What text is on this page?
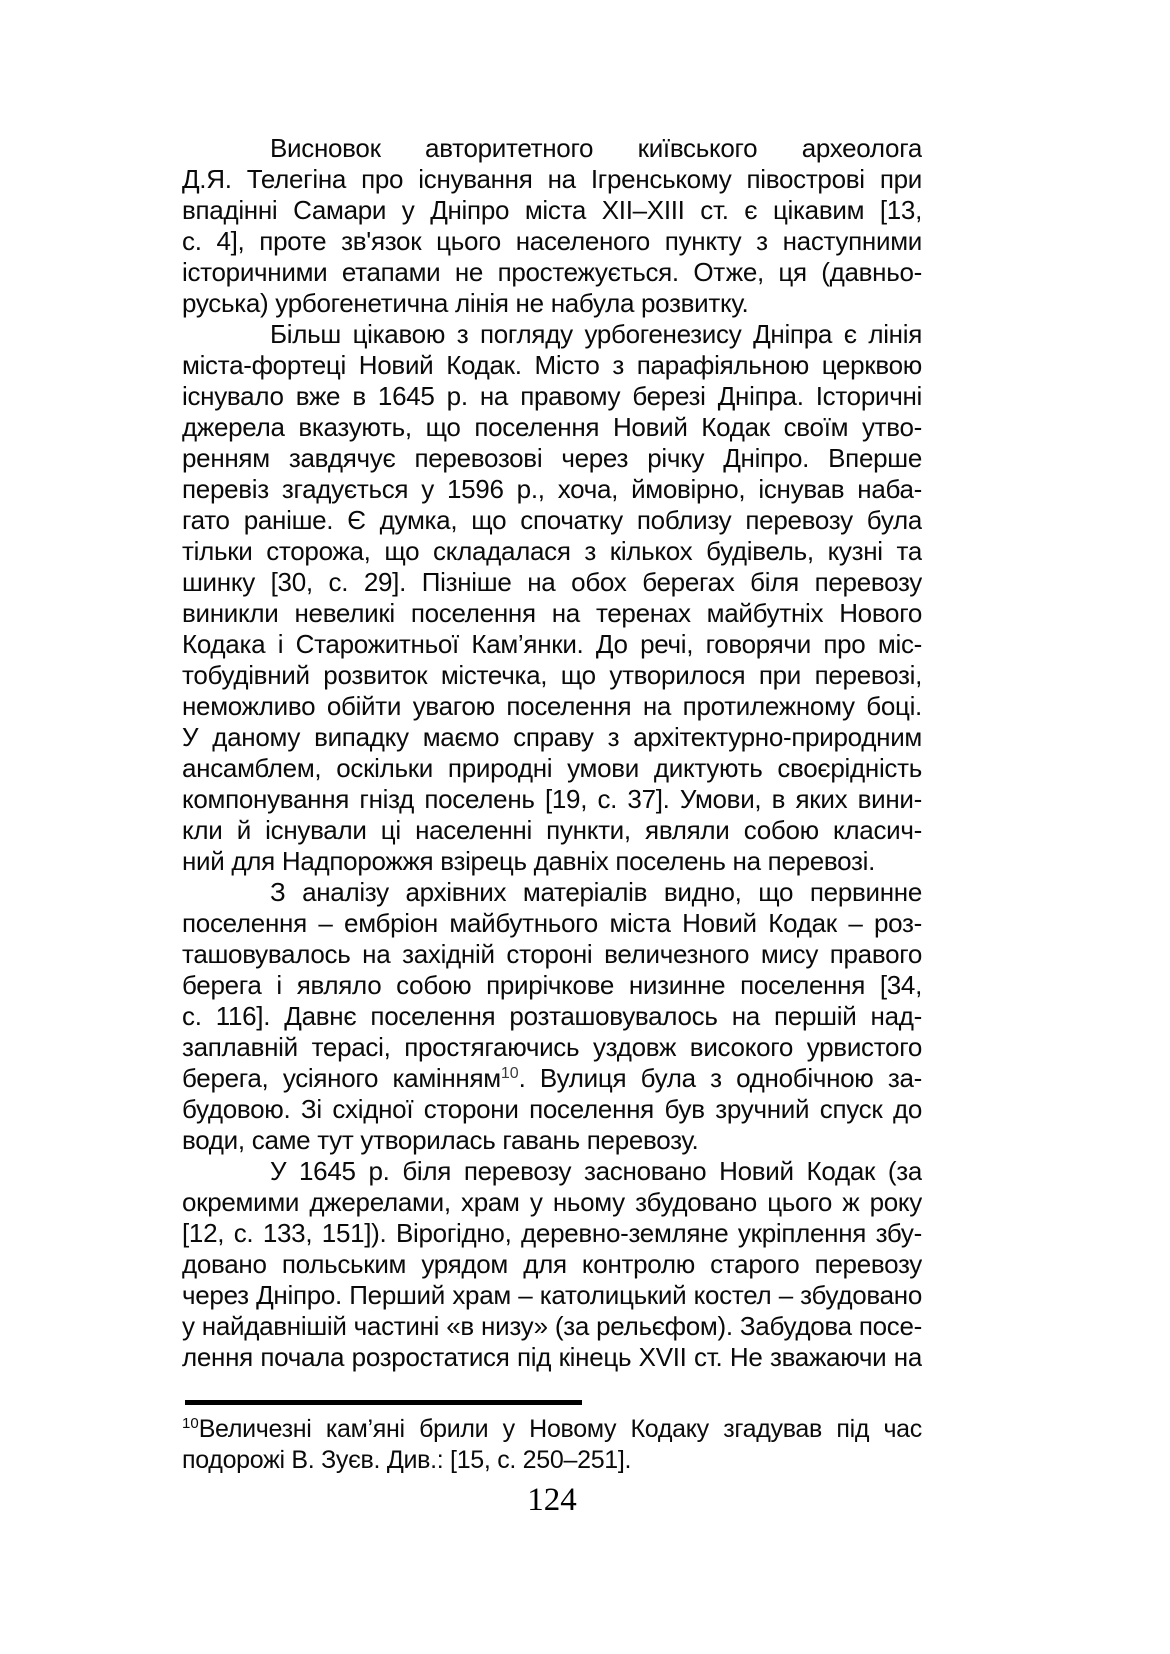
Висновок авторитетного київського археолога
Д.Я. Телегіна про існування на Ігренському півострові при
впадінні Самари у Дніпро міста XII–XIII ст. є цікавим [13,
с. 4], проте зв'язок цього населеного пункту з наступними
історичними етапами не простежується. Отже, ця (давньо-
руська) урбогенетична лінія не набула розвитку.
Більш цікавою з погляду урбогенезису Дніпра є лінія
міста-фортеці Новий Кодак. Місто з парафіяльною церквою
існувало вже в 1645 р. на правому березі Дніпра. Історичні
джерела вказують, що поселення Новий Кодак своїм утво-
ренням завдячує перевозові через річку Дніпро. Вперше
перевіз згадується у 1596 р., хоча, ймовірно, існував наба-
гато раніше. Є думка, що спочатку поблизу перевозу була
тільки сторожа, що складалася з кількох будівель, кузні та
шинку [30, с. 29]. Пізніше на обох берегах біля перевозу
виникли невеликі поселення на теренах майбутніх Нового
Кодака і Старожитньої Кам’янки. До речі, говорячи про міс-
тобудівний розвиток містечка, що утворилося при перевозі,
неможливо обійти увагою поселення на протилежному боці.
У даному випадку маємо справу з архітектурно-природним
ансамблем, оскільки природні умови диктують своєрідність
компонування гнізд поселень [19, с. 37]. Умови, в яких вини-
кли й існували ці населенні пункти, являли собою класич-
ний для Надпорожжя взірець давніх поселень на перевозі.
З аналізу архівних матеріалів видно, що первинне
поселення – ембріон майбутнього міста Новий Кодак – роз-
ташовувалось на західній стороні величезного мису правого
берега і являло собою прирічкове низинне поселення [34,
с. 116]. Давнє поселення розташовувалось на першій над-
заплавній терасі, простягаючись уздовж високого урвистого
берега, усіяного камінням$^{10}$. Вулиця була з однобічною за-
будовою. Зі східної сторони поселення був зручний спуск до
води, саме тут утворилась гавань перевозу.
У 1645 р. біля перевозу засновано Новий Кодак (за
окремими джерелами, храм у ньому збудовано цього ж року
[12, с. 133, 151]). Вірогідно, деревно-земляне укріплення збу-
довано польським урядом для контролю старого перевозу
через Дніпро. Перший храм – католицький костел – збудовано
у найдавнішій частині «в низу» (за рельєфом). Забудова посе-
лення почала розростатися під кінець XVII ст. Не зважаючи на
$^{10}$Величезні кам’яні брили у Новому Кодаку згадував під час
подорожі В. Зуєв. Див.: [15, с. 250–251].
124
